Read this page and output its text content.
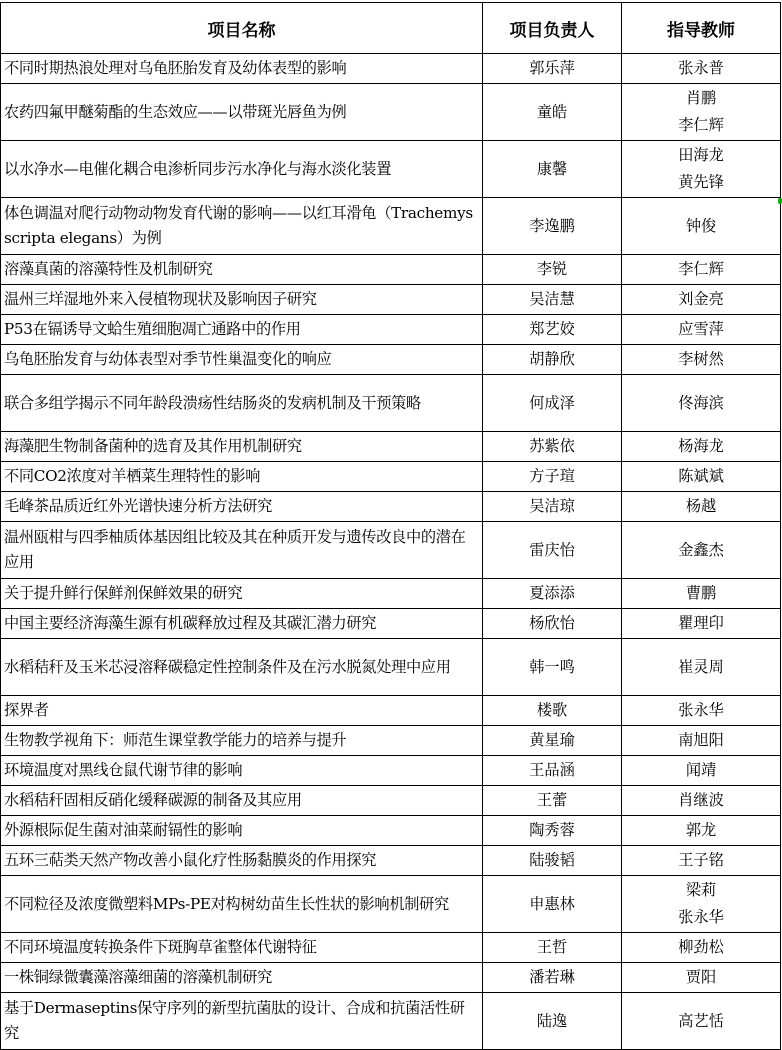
项目名称	项目负责人	指导教师
不同时期热浪处理对乌龟胚胎发育及幼体表型的影响	郭乐萍	张永普

农药四氟甲醚菊酯的生态效应——以带斑光唇鱼为例	童皓	肖鹏
李仁辉

以水净水—电催化耦合电渗析同步污水净化与海水淡化装置	康馨	田海龙
黄先锋

体色调温对爬行动物动物发育代谢的影响——以红耳滑龟（Trachemys scripta elegans）为例	李逸鹏	钟俊

溶藻真菌的溶藻特性及机制研究	李锐	李仁辉

温州三垟湿地外来入侵植物现状及影响因子研究	吴洁慧	刘金亮

P53在镉诱导文蛤生殖细胞凋亡通路中的作用	郑艺姣	应雪萍

乌龟胚胎发育与幼体表型对季节性巢温变化的响应	胡静欣	李树然

联合多组学揭示不同年龄段溃疡性结肠炎的发病机制及干预策略	何成泽	佟海滨

海藻肥生物制备菌种的选育及其作用机制研究	苏紫依	杨海龙

不同CO2浓度对羊栖菜生理特性的影响	方子瑄	陈斌斌

毛峰茶品质近红外光谱快速分析方法研究	吴洁琼	杨越

温州瓯柑与四季柚质体基因组比较及其在种质开发与遗传改良中的潜在应用	雷庆怡	金鑫杰

关于提升鲜行保鲜剂保鲜效果的研究	夏添添	曹鹏

中国主要经济海藻生源有机碳释放过程及其碳汇潜力研究	杨欣怡	瞿理印

水稻秸秆及玉米芯浸溶释碳稳定性控制条件及在污水脱氮处理中应用	韩一鸣	崔灵周

探界者	楼歌	张永华

生物教学视角下：师范生课堂教学能力的培养与提升	黄星瑜	南旭阳

环境温度对黑线仓鼠代谢节律的影响	王品涵	闻靖

水稻秸秆固相反硝化缓释碳源的制备及其应用	王蕾	肖继波

外源根际促生菌对油菜耐镉性的影响	陶秀蓉	郭龙

五环三萜类天然产物改善小鼠化疗性肠黏膜炎的作用探究	陆骏韬	王子铭

不同粒径及浓度微塑料MPs-PE对构树幼苗生长性状的影响机制研究	申惠林	梁莉
张永华

不同环境温度转换条件下斑胸草雀整体代谢特征	王哲	柳劲松

一株铜绿微囊藻溶藻细菌的溶藻机制研究	潘若琳	贾阳

基于Dermaseptins保守序列的新型抗菌肽的设计、合成和抗菌活性研究	陆逸	高艺恬
